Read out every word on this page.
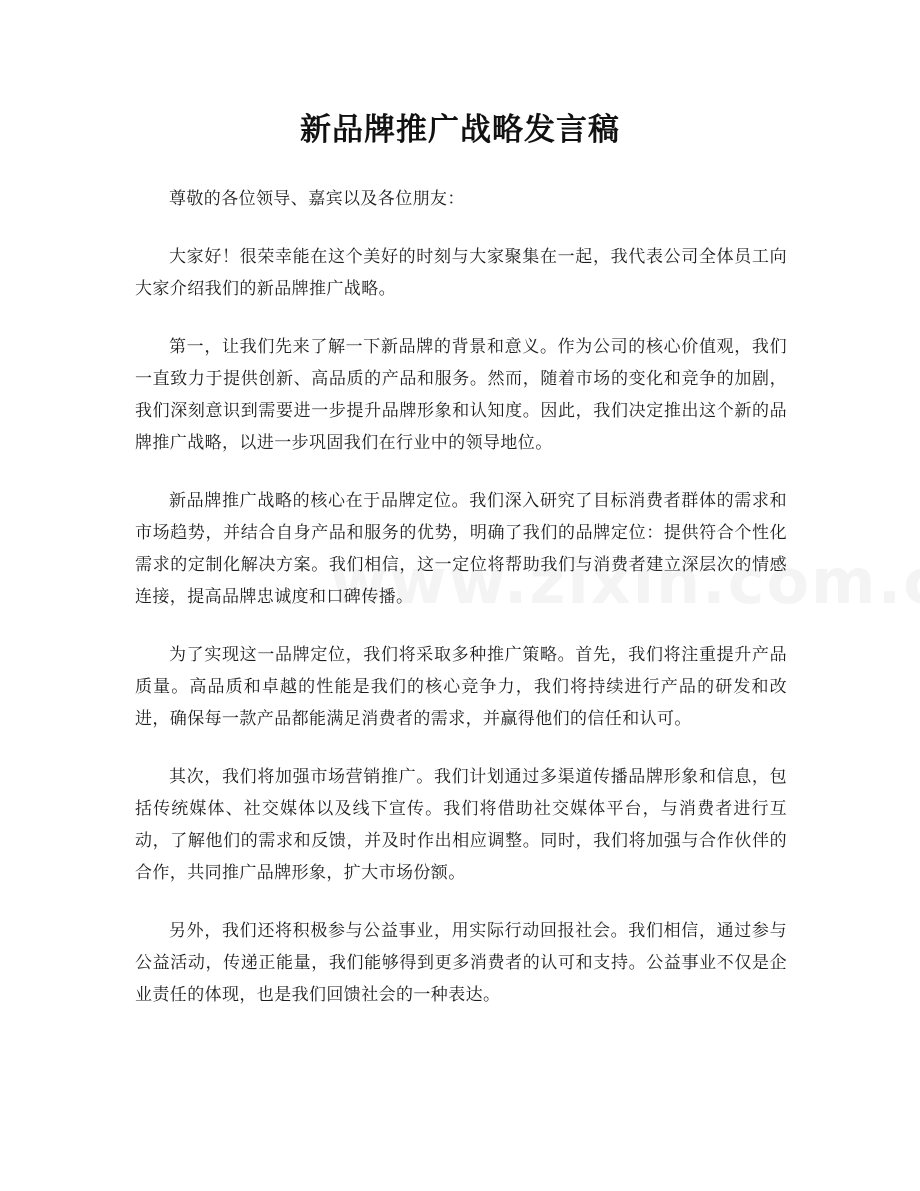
新品牌推广战略发言稿

尊敬的各位领导、嘉宾以及各位朋友：

大家好！很荣幸能在这个美好的时刻与大家聚集在一起，我代表公司全体员工向大家介绍我们的新品牌推广战略。

第一，让我们先来了解一下新品牌的背景和意义。作为公司的核心价值观，我们一直致力于提供创新、高品质的产品和服务。然而，随着市场的变化和竞争的加剧，我们深刻意识到需要进一步提升品牌形象和认知度。因此，我们决定推出这个新的品牌推广战略，以进一步巩固我们在行业中的领导地位。

新品牌推广战略的核心在于品牌定位。我们深入研究了目标消费者群体的需求和市场趋势，并结合自身产品和服务的优势，明确了我们的品牌定位：提供符合个性化需求的定制化解决方案。我们相信，这一定位将帮助我们与消费者建立深层次的情感连接，提高品牌忠诚度和口碑传播。

为了实现这一品牌定位，我们将采取多种推广策略。首先，我们将注重提升产品质量。高品质和卓越的性能是我们的核心竞争力，我们将持续进行产品的研发和改进，确保每一款产品都能满足消费者的需求，并赢得他们的信任和认可。

其次，我们将加强市场营销推广。我们计划通过多渠道传播品牌形象和信息，包括传统媒体、社交媒体以及线下宣传。我们将借助社交媒体平台，与消费者进行互动，了解他们的需求和反馈，并及时作出相应调整。同时，我们将加强与合作伙伴的合作，共同推广品牌形象，扩大市场份额。

另外，我们还将积极参与公益事业，用实际行动回报社会。我们相信，通过参与公益活动，传递正能量，我们能够得到更多消费者的认可和支持。公益事业不仅是企业责任的体现，也是我们回馈社会的一种表达。
